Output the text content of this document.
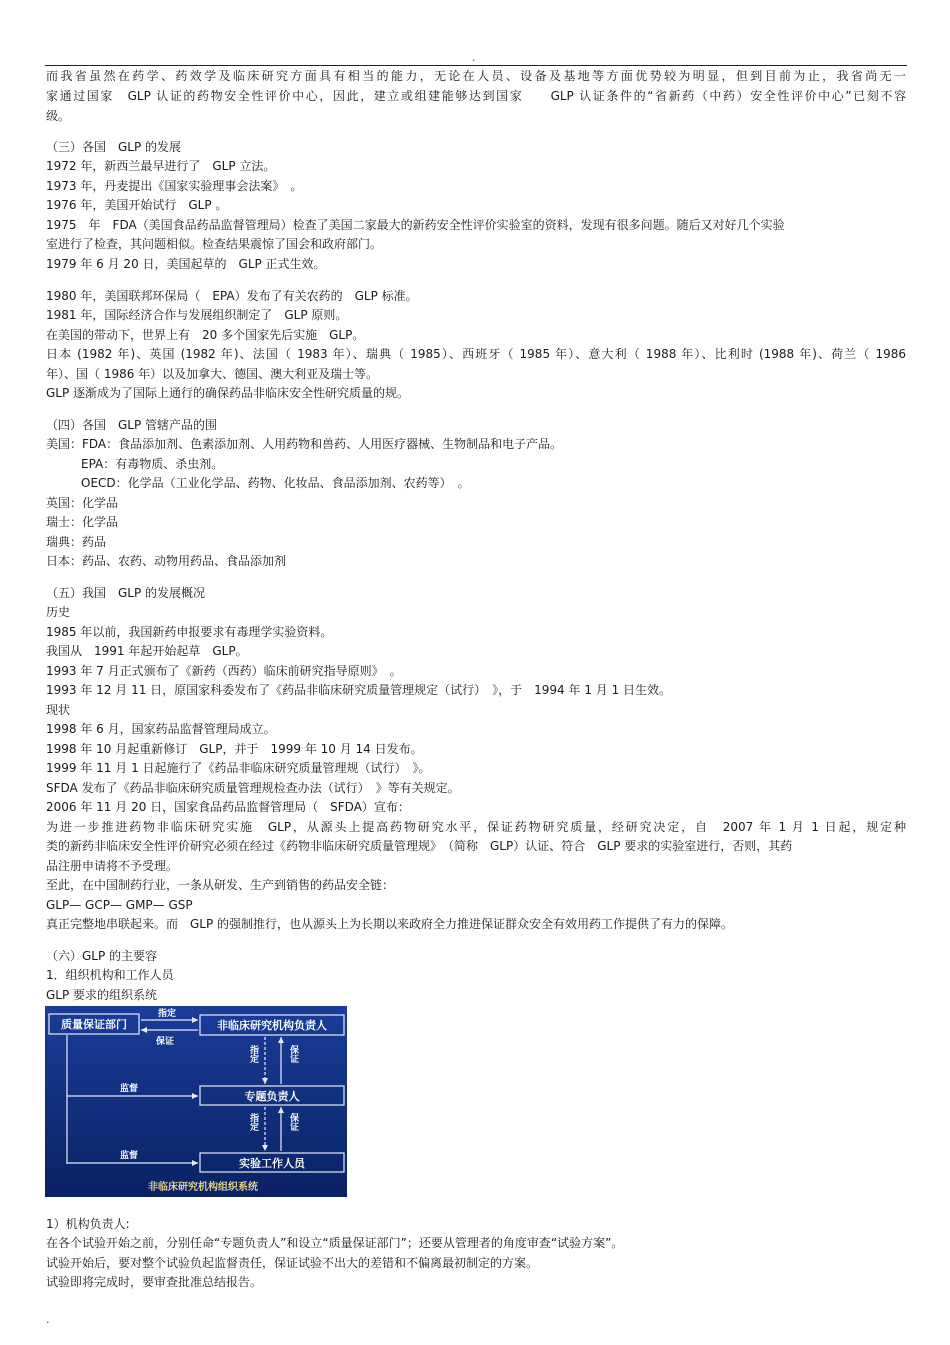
.
而我省虽然在药学、药效学及临床研究方面具有相当的能力，无论在人员、设备及基地等方面优势较为明显，但到目前为止，我省尚无一
家通过国家　GLP 认证的药物安全性评价中心，因此，建立或组建能够达到国家　　GLP 认证条件的“省新药（中药）安全性评价中心”已刻不容
级。
（三）各国　GLP 的发展
1972 年，新西兰最早进行了　GLP 立法。
1973 年，丹麦提出《国家实验理事会法案》　。
1976 年，美国开始试行　GLP 。
1975　年　FDA（美国食品药品监督管理局）检查了美国二家最大的新药安全性评价实验室的资料，发现有很多问题。随后又对好几个实验
室进行了检查，其问题相似。检查结果震惊了国会和政府部门。
1979 年 6 月 20 日，美国起草的　GLP 正式生效。
1980 年，美国联邦环保局（　EPA）发布了有关农药的　GLP 标准。
1981 年，国际经济合作与发展组织制定了　GLP 原则。
在美国的带动下，世界上有　20 多个国家先后实施　GLP。
日本 (1982 年)、英国 (1982 年)、法国（ 1983 年）、瑞典（ 1985）、西班牙（ 1985 年）、意大利（ 1988 年）、比利时 (1988 年)、荷兰（ 1986
年）、国（ 1986 年）以及加拿大、德国、澳大利亚及瑞士等。
GLP 逐渐成为了国际上通行的确保药品非临床安全性研究质量的规。
（四）各国　GLP 管辖产品的围
美国：FDA：食品添加剂、色素添加剂、人用药物和兽药、人用医疗器械、生物制品和电子产品。
EPA：有毒物质、杀虫剂。
OECD：化学品（工业化学品、药物、化妆品、食品添加剂、农药等）　。
英国：化学品
瑞士：化学品
瑞典：药品
日本：药品、农药、动物用药品、食品添加剂
（五）我国　GLP 的发展概况
历史
1985 年以前，我国新药申报要求有毒理学实验资料。
我国从　1991 年起开始起草　GLP。
1993 年 7 月正式颁布了《新药（西药）临床前研究指导原则》　。
1993 年 12 月 11 日，原国家科委发布了《药品非临床研究质量管理规定（试行）　》，于　1994 年 1 月 1 日生效。
现状
1998 年 6 月，国家药品监督管理局成立。
1998 年 10 月起重新修订　GLP，并于　1999 年 10 月 14 日发布。
1999 年 11 月 1 日起施行了《药品非临床研究质量管理规（试行）　》。
SFDA 发布了《药品非临床研究质量管理规检查办法（试行）　》等有关规定。
2006 年 11 月 20 日，国家食品药品监督管理局（　SFDA）宣布：
为进一步推进药物非临床研究实施　GLP，从源头上提高药物研究水平，保证药物研究质量，经研究决定，自　2007 年 1 月 1 日起，规定种
类的新药非临床安全性评价研究必须在经过《药物非临床研究质量管理规》　（简称　GLP）认证、符合　GLP 要求的实验室进行，否则，其药
品注册申请将不予受理。
至此，在中国制药行业，一条从研发、生产到销售的药品安全链：
GLP— GCP— GMP— GSP
真正完整地串联起来。而　GLP 的强制推行，也从源头上为长期以来政府全力推进保证群众安全有效用药工作提供了有力的保障。
（六）GLP 的主要容
1．组织机构和工作人员
GLP 要求的组织系统
质量保证部门	非临床研究机构负责人
专题负责人
实验工作人员
指定
保证
监督
监督
指定	保证
指定	保证
非临床研究机构组织系统
1）机构负责人:
在各个试验开始之前，分别任命“专题负责人”和设立“质量保证部门”；还要从管理者的角度审查“试验方案”。
试验开始后，要对整个试验负起监督责任，保证试验不出大的差错和不偏离最初制定的方案。
试验即将完成时，要审查批准总结报告。
.
